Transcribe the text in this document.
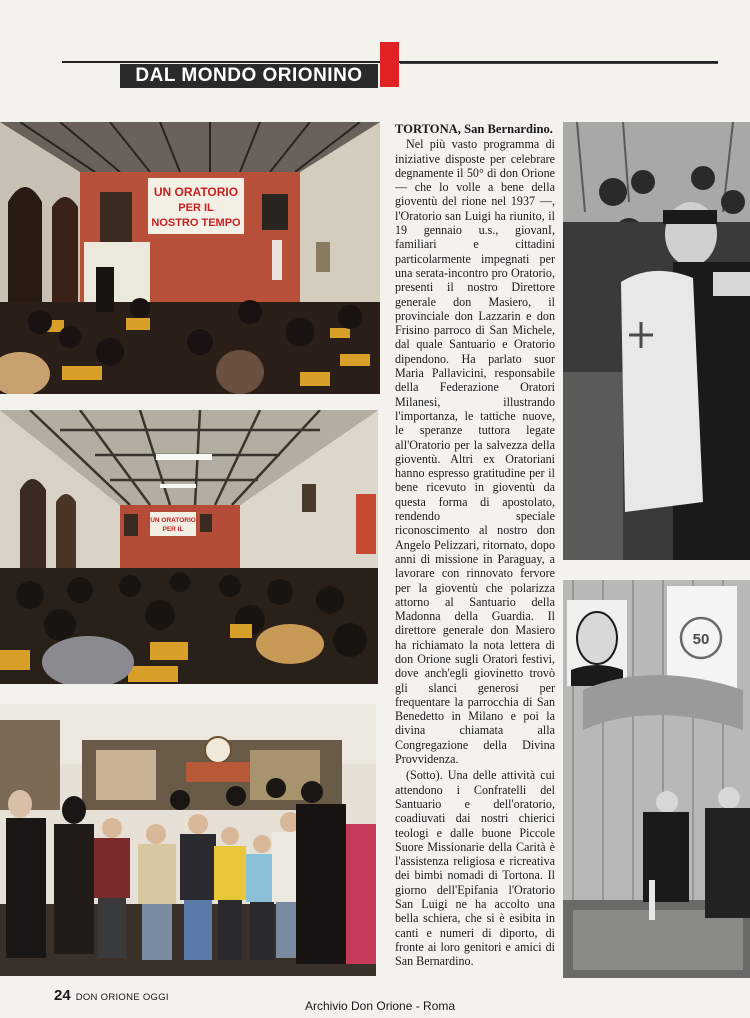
DAL MONDO ORIONINO
UN ORATORIO
PER IL
NOSTRO TEMPO
UN ORATORIO
PER IL
50
TORTONA, San Bernardino.

Nel più vasto programma di iniziative disposte per celebrare degnamente il 50° di don Orione — che lo volle a bene della gioventù del rione nel 1937 —, l'Oratorio san Luigi ha riunito, il 19 gennaio u.s., giovanI, familiari e cittadini particolarmente impegnati per una serata-incontro pro Oratorio, presenti il nostro Direttore generale don Masiero, il provinciale don Lazzarin e don Frisino parroco di San Michele, dal quale Santuario e Oratorio dipendono. Ha parlato suor Maria Pallavicini, responsabile della Federazione Oratori Milanesi, illustrando l'importanza, le tattiche nuove, le speranze tuttora legate all'Oratorio per la salvezza della gioventù. Altri ex Oratoriani hanno espresso gratitudine per il bene ricevuto in gioventù da questa forma di apostolato, rendendo speciale riconoscimento al nostro don Angelo Pelizzari, ritornato, dopo anni di missione in Paraguay, a lavorare con rinnovato fervore per la gioventù che polarizza attorno al Santuario della Madonna della Guardia. Il direttore generale don Masiero ha richiamato la nota lettera di don Orione sugli Oratori festivi, dove anch'egli giovinetto trovò gli slanci generosi per frequentare la parrocchia di San Benedetto in Milano e poi la divina chiamata alla Congregazione della Divina Provvidenza.

(Sotto). Una delle attività cui attendono i Confratelli del Santuario e dell'oratorio, coadiuvati dai nostri chierici teologi e dalle buone Piccole Suore Missionarie della Carità è l'assistenza religiosa e ricreativa dei bimbi nomadi di Tortona. Il giorno dell'Epifania l'Oratorio San Luigi ne ha accolto una bella schiera, che si è esibita in canti e numeri di diporto, di fronte ai loro genitori e amici di San Bernardino.

24 DON ORIONE OGGI
Archivio Don Orione - Roma
